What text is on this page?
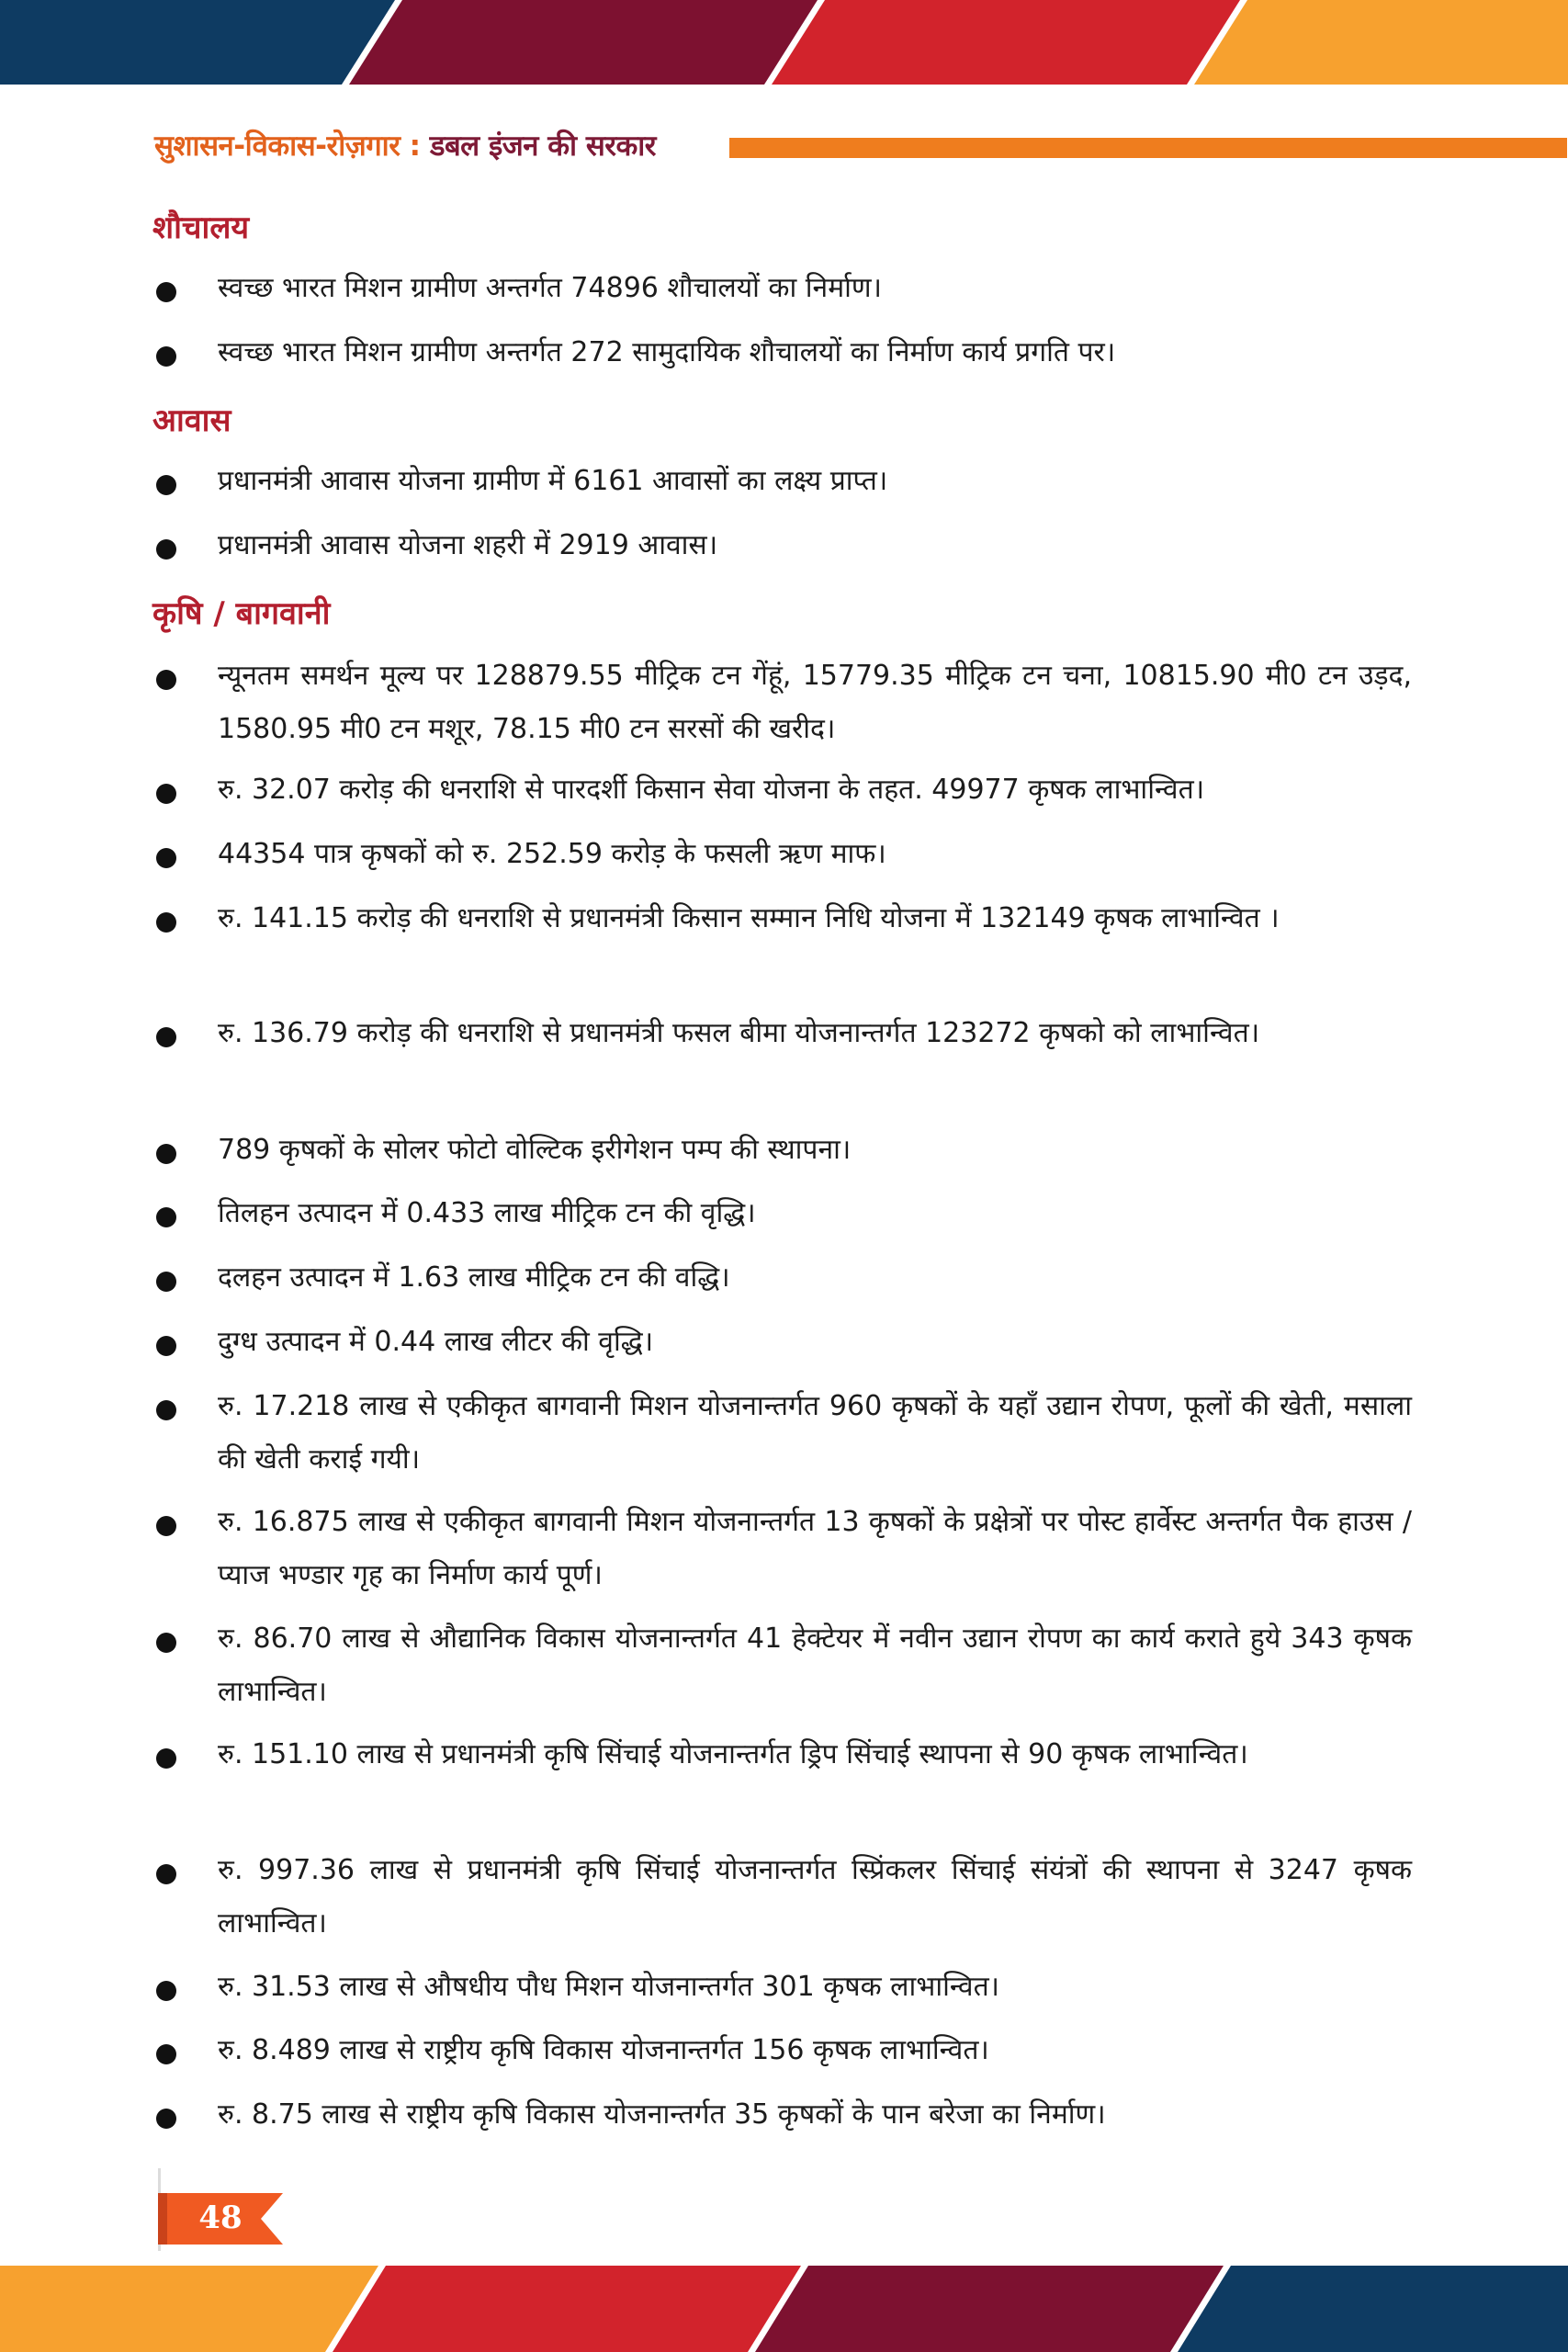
सुशासन-विकास-रोज़गार : डबल इंजन की सरकार
शौचालय
स्वच्छ भारत मिशन ग्रामीण अन्तर्गत 74896 शौचालयों का निर्माण।
स्वच्छ भारत मिशन ग्रामीण अन्तर्गत 272 सामुदायिक शौचालयों का निर्माण कार्य प्रगति पर।
आवास
प्रधानमंत्री आवास योजना ग्रामीण में 6161 आवासों का लक्ष्य प्राप्त।
प्रधानमंत्री आवास योजना शहरी में 2919 आवास।
कृषि / बागवानी
न्यूनतम समर्थन मूल्य पर 128879.55 मीट्रिक टन गेंहूं, 15779.35 मीट्रिक टन चना, 10815.90 मी0 टन उड़द, 1580.95 मी0 टन मशूर, 78.15 मी0 टन सरसों की खरीद।
रु. 32.07 करोड़ की धनराशि से पारदर्शी किसान सेवा योजना के तहत. 49977 कृषक लाभान्वित।
44354 पात्र कृषकों को रु. 252.59 करोड़ के फसली ऋण माफ।
रु. 141.15 करोड़ की धनराशि से प्रधानमंत्री किसान सम्मान निधि योजना में 132149 कृषक लाभान्वित ।
रु. 136.79 करोड़ की धनराशि से प्रधानमंत्री फसल बीमा योजनान्तर्गत 123272 कृषको को लाभान्वित।
789 कृषकों के सोलर फोटो वोल्टिक इरीगेशन पम्प की स्थापना।
तिलहन उत्पादन में 0.433 लाख मीट्रिक टन की वृद्धि।
दलहन उत्पादन में 1.63 लाख मीट्रिक टन की वद्धि।
दुग्ध उत्पादन में 0.44 लाख लीटर की वृद्धि।
रु. 17.218 लाख से एकीकृत बागवानी मिशन योजनान्तर्गत 960 कृषकों के यहाँ उद्यान रोपण, फूलों की खेती, मसाला की खेती कराई गयी।
रु. 16.875 लाख से एकीकृत बागवानी मिशन योजनान्तर्गत 13 कृषकों के प्रक्षेत्रों पर पोस्ट हार्वेस्ट अन्तर्गत पैक हाउस / प्याज भण्डार गृह का निर्माण कार्य पूर्ण।
रु. 86.70 लाख से औद्यानिक विकास योजनान्तर्गत 41 हेक्टेयर में नवीन उद्यान रोपण का कार्य कराते हुये 343 कृषक लाभान्वित।
रु. 151.10 लाख से प्रधानमंत्री कृषि सिंचाई योजनान्तर्गत ड्रिप सिंचाई स्थापना से 90 कृषक लाभान्वित।
रु. 997.36 लाख से प्रधानमंत्री कृषि सिंचाई योजनान्तर्गत स्प्रिंकलर सिंचाई संयंत्रों की स्थापना से 3247 कृषक लाभान्वित।
रु. 31.53 लाख से औषधीय पौध मिशन योजनान्तर्गत 301 कृषक लाभान्वित।
रु. 8.489 लाख से राष्ट्रीय कृषि विकास योजनान्तर्गत 156 कृषक लाभान्वित।
रु. 8.75 लाख से राष्ट्रीय कृषि विकास योजनान्तर्गत 35 कृषकों के पान बरेजा का निर्माण।
48
